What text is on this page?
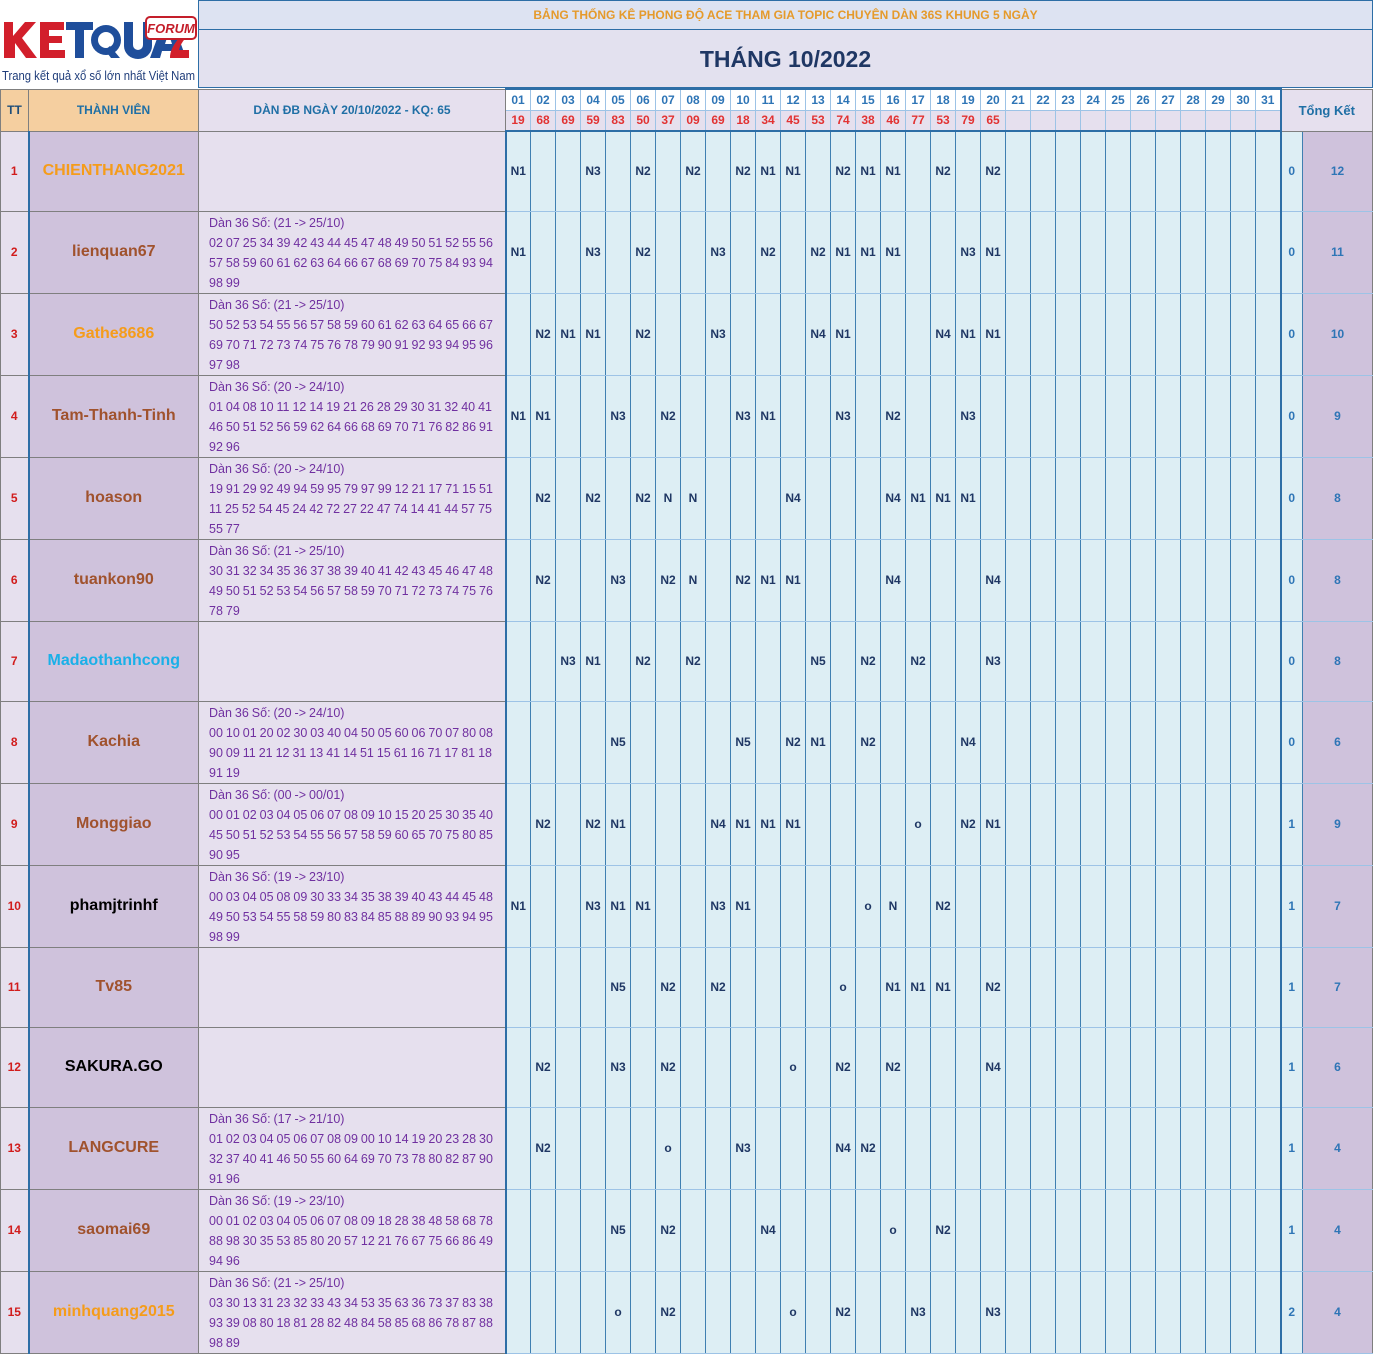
FORUM
Trang kết quả xổ số lớn nhất Việt Nam
BẢNG THỐNG KÊ PHONG ĐỘ ACE THAM GIA TOPIC CHUYÊN DÀN 36S KHUNG 5 NGÀY
THÁNG 10/2022
TT	THÀNH VIÊN	DÀN ĐB NGÀY 20/10/2022 - KQ: 65	01	02	03	04	05	06	07	08	09	10	11	12	13	14	15	16	17	18	19	20	21	22	23	24	25	26	27	28	29	30	31	Tổng Kết	
			19	68	69	59	83	50	37	09	69	18	34	45	53	74	38	46	77	53	79	65													
1	CHIENTHANG2021		N1			N3		N2		N2		N2	N1	N1		N2	N1	N1		N2		N2												0	12
2	lienquan67	Dàn 36 Số: (21 -> 25/10)
02 07 25 34 39 42 43 44 45 47 48 49 50 51 52 55 56
57 58 59 60 61 62 63 64 66 67 68 69 70 75 84 93 94
98 99	N1			N3		N2			N3		N2		N2	N1	N1	N1			N3	N1												0	11
3	Gathe8686	Dàn 36 Số: (21 -> 25/10)
50 52 53 54 55 56 57 58 59 60 61 62 63 64 65 66 67
69 70 71 72 73 74 75 76 78 79 90 91 92 93 94 95 96
97 98		N2	N1	N1		N2			N3				N4	N1				N4	N1	N1												0	10
4	Tam-Thanh-Tinh	Dàn 36 Số: (20 -> 24/10)
01 04 08 10 11 12 14 19 21 26 28 29 30 31 32 40 41
46 50 51 52 56 59 62 64 66 68 69 70 71 76 82 86 91
92 96	N1	N1			N3		N2			N3	N1			N3		N2			N3													0	9
5	hoason	Dàn 36 Số: (20 -> 24/10)
19 91 29 92 49 94 59 95 79 97 99 12 21 17 71 15 51
11 25 52 54 45 24 42 72 27 22 47 74 14 41 44 57 75
55 77		N2		N2		N2	N	N				N4				N4	N1	N1	N1													0	8
6	tuankon90	Dàn 36 Số: (21 -> 25/10)
30 31 32 34 35 36 37 38 39 40 41 42 43 45 46 47 48
49 50 51 52 53 54 56 57 58 59 70 71 72 73 74 75 76
78 79		N2			N3		N2	N		N2	N1	N1				N4				N4												0	8
7	Madaothanhcong				N3	N1		N2		N2					N5		N2		N2			N3												0	8
8	Kachia	Dàn 36 Số: (20 -> 24/10)
00 10 01 20 02 30 03 40 04 50 05 60 06 70 07 80 08
90 09 11 21 12 31 13 41 14 51 15 61 16 71 17 81 18
91 19					N5					N5		N2	N1		N2				N4													0	6
9	Monggiao	Dàn 36 Số: (00 -> 00/01)
00 01 02 03 04 05 06 07 08 09 10 15 20 25 30 35 40
45 50 51 52 53 54 55 56 57 58 59 60 65 70 75 80 85
90 95		N2		N2	N1				N4	N1	N1	N1					o		N2	N1												1	9
10	phamjtrinhf	Dàn 36 Số: (19 -> 23/10)
00 03 04 05 08 09 30 33 34 35 38 39 40 43 44 45 48
49 50 53 54 55 58 59 80 83 84 85 88 89 90 93 94 95
98 99	N1			N3	N1	N1			N3	N1					o	N		N2														1	7
11	Tv85						N5		N2		N2					o		N1	N1	N1		N2												1	7
12	SAKURA.GO			N2			N3		N2					o		N2		N2				N4												1	6
13	LANGCURE	Dàn 36 Số: (17 -> 21/10)
01 02 03 04 05 06 07 08 09 00 10 14 19 20 23 28 30
32 37 40 41 46 50 55 60 64 69 70 73 78 80 82 87 90
91 96		N2					o			N3				N4	N2																	1	4
14	saomai69	Dàn 36 Số: (19 -> 23/10)
00 01 02 03 04 05 06 07 08 09 18 28 38 48 58 68 78
88 98 30 35 53 85 80 20 57 12 21 76 67 75 66 86 49
94 96					N5		N2				N4					o		N2														1	4
15	minhquang2015	Dàn 36 Số: (21 -> 25/10)
03 30 13 31 23 32 33 43 34 53 35 63 36 73 37 83 38
93 39 08 80 18 81 28 82 48 84 58 85 68 86 78 87 88
98 89					o		N2					o		N2			N3			N3												2	4
